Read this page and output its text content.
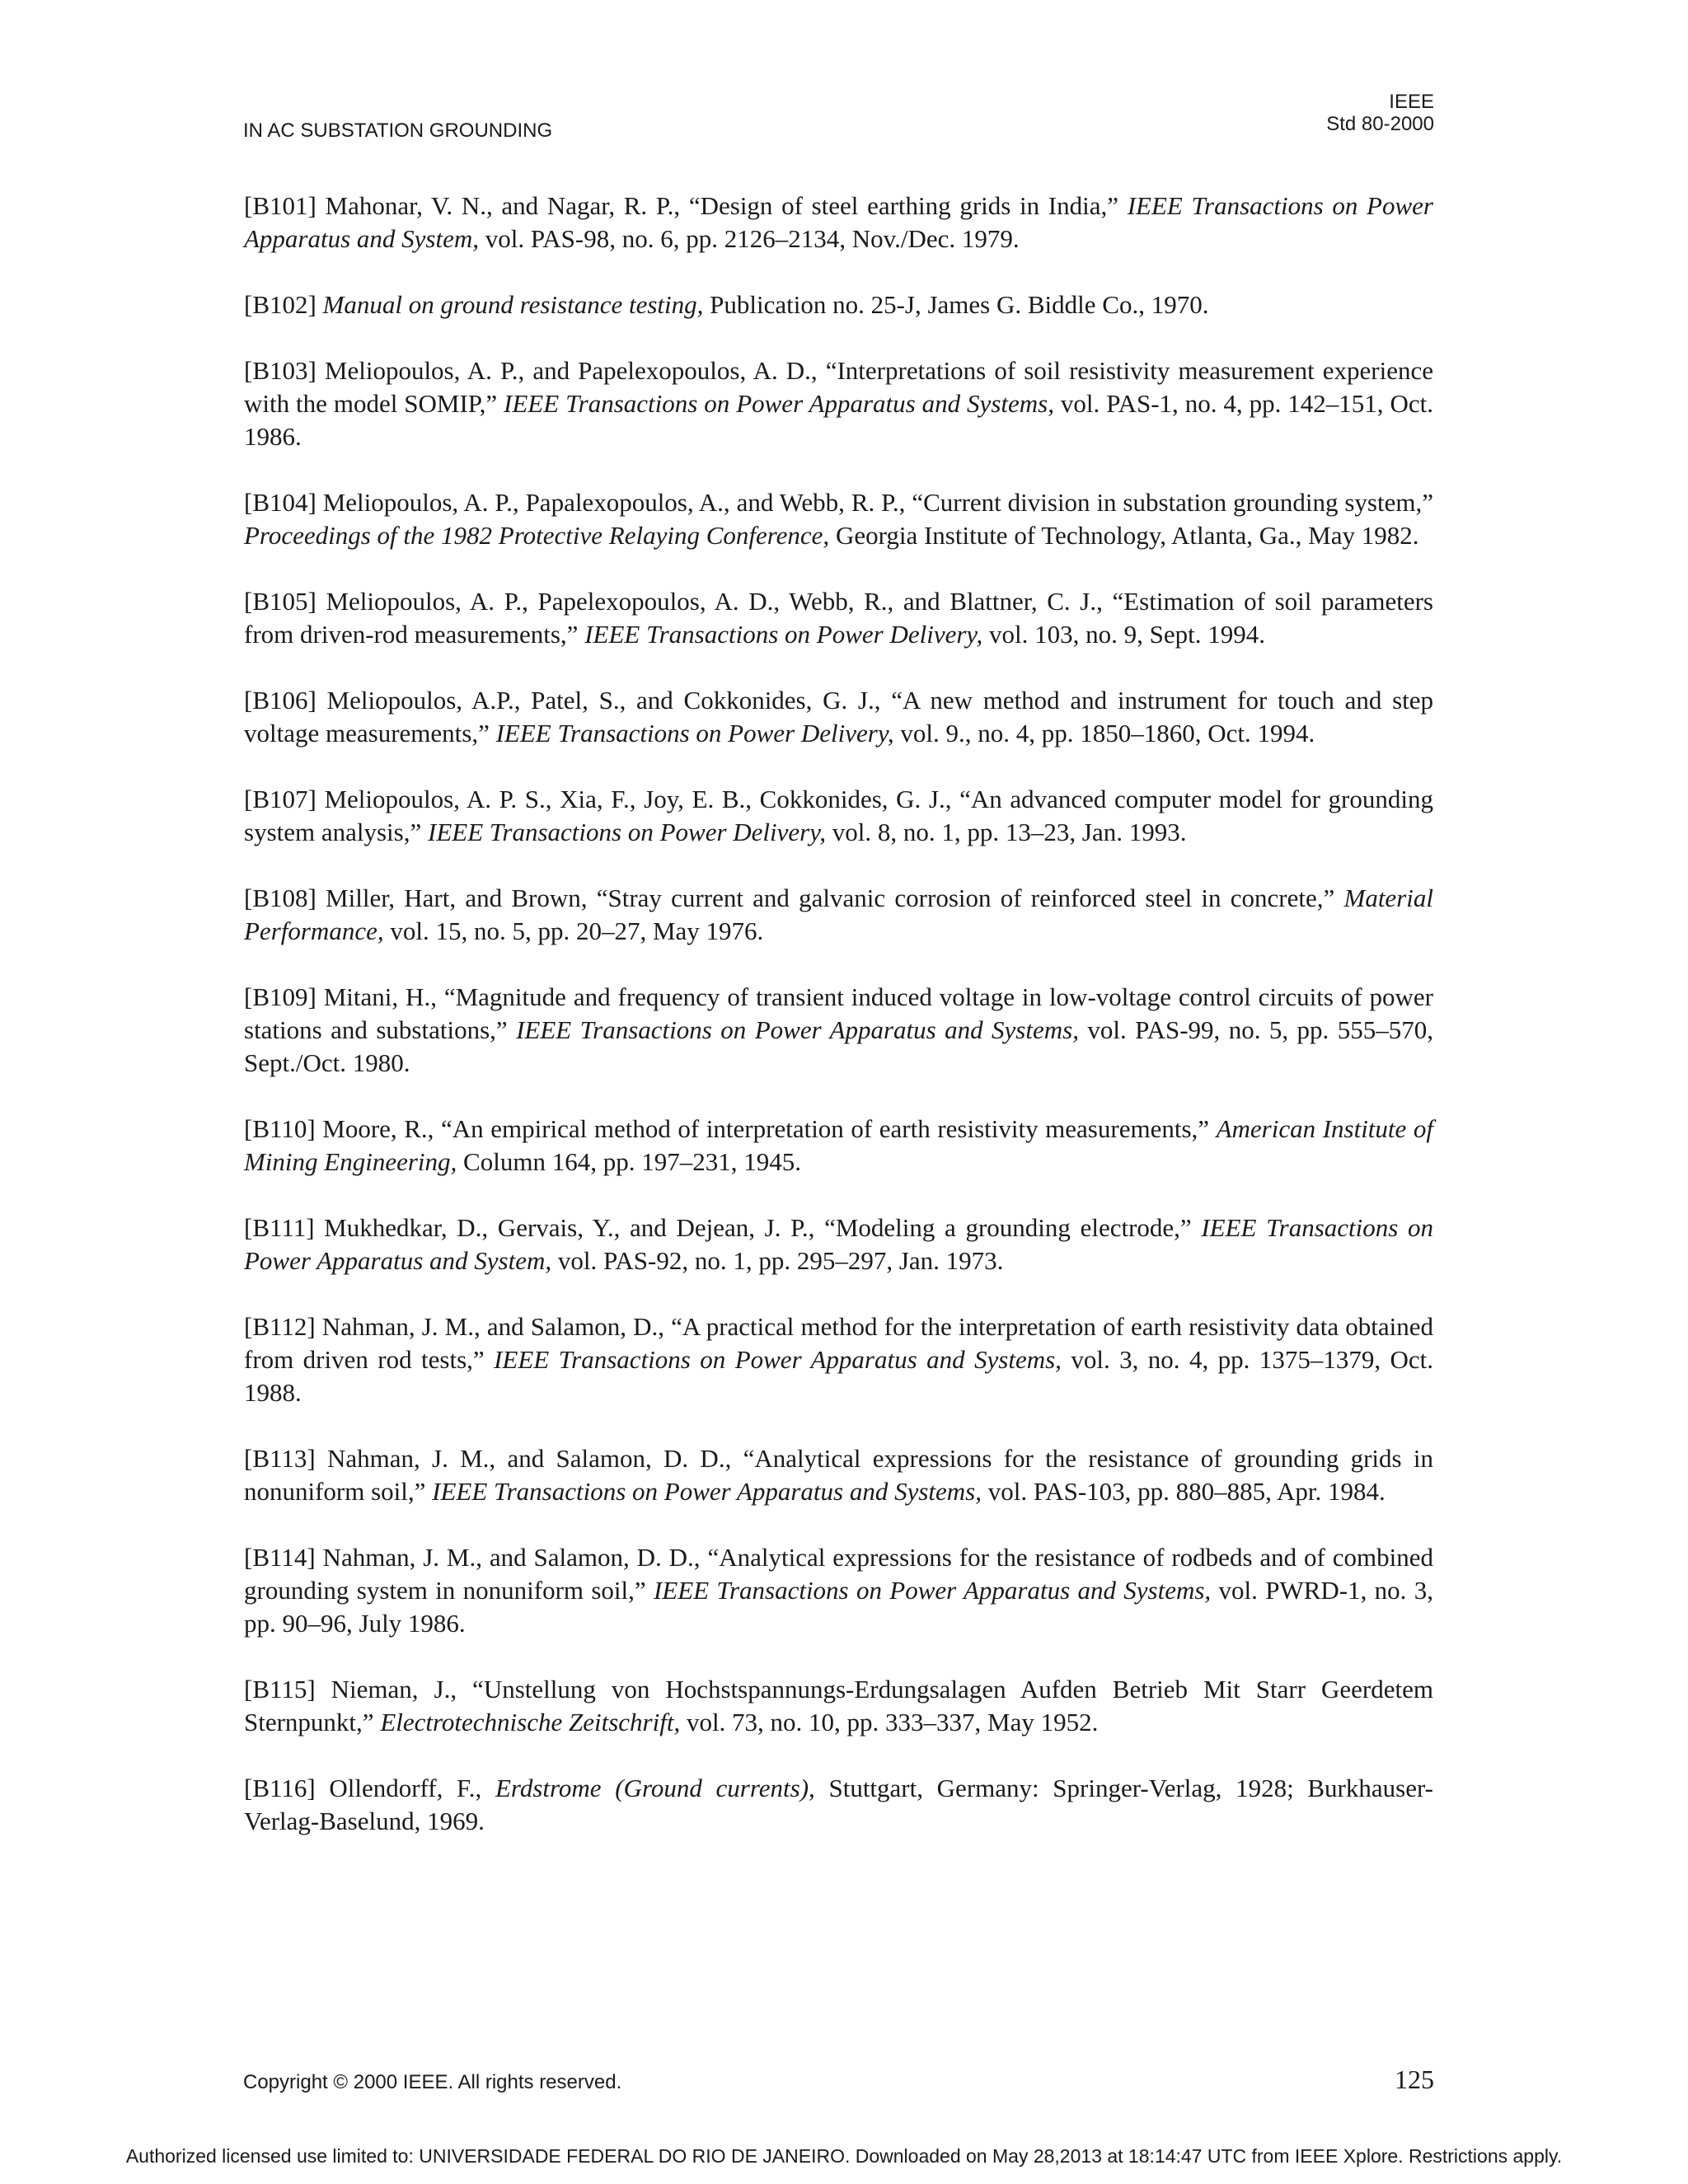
IN AC SUBSTATION GROUNDING
IEEE
Std 80-2000

[B101] Mahonar, V. N., and Nagar, R. P., “Design of steel earthing grids in India,” IEEE Transactions on Power Apparatus and System, vol. PAS-98, no. 6, pp. 2126–2134, Nov./Dec. 1979.

[B102] Manual on ground resistance testing, Publication no. 25-J, James G. Biddle Co., 1970.

[B103] Meliopoulos, A. P., and Papelexopoulos, A. D., “Interpretations of soil resistivity measurement experience with the model SOMIP,” IEEE Transactions on Power Apparatus and Systems, vol. PAS-1, no. 4, pp. 142–151, Oct. 1986.

[B104] Meliopoulos, A. P., Papalexopoulos, A., and Webb, R. P., “Current division in substation grounding system,” Proceedings of the 1982 Protective Relaying Conference, Georgia Institute of Technology, Atlanta, Ga., May 1982.

[B105] Meliopoulos, A. P., Papelexopoulos, A. D., Webb, R., and Blattner, C. J., “Estimation of soil parameters from driven-rod measurements,” IEEE Transactions on Power Delivery, vol. 103, no. 9, Sept. 1994.

[B106] Meliopoulos, A.P., Patel, S., and Cokkonides, G. J., “A new method and instrument for touch and step voltage measurements,” IEEE Transactions on Power Delivery, vol. 9., no. 4, pp. 1850–1860, Oct. 1994.

[B107] Meliopoulos, A. P. S., Xia, F., Joy, E. B., Cokkonides, G. J., “An advanced computer model for grounding system analysis,” IEEE Transactions on Power Delivery, vol. 8, no. 1, pp. 13–23, Jan. 1993.

[B108] Miller, Hart, and Brown, “Stray current and galvanic corrosion of reinforced steel in concrete,” Material Performance, vol. 15, no. 5, pp. 20–27, May 1976.

[B109] Mitani, H., “Magnitude and frequency of transient induced voltage in low-voltage control circuits of power stations and substations,” IEEE Transactions on Power Apparatus and Systems, vol. PAS-99, no. 5, pp. 555–570, Sept./Oct. 1980.

[B110] Moore, R., “An empirical method of interpretation of earth resistivity measurements,” American Institute of Mining Engineering, Column 164, pp. 197–231, 1945.

[B111] Mukhedkar, D., Gervais, Y., and Dejean, J. P., “Modeling a grounding electrode,” IEEE Transactions on Power Apparatus and System, vol. PAS-92, no. 1, pp. 295–297, Jan. 1973.

[B112] Nahman, J. M., and Salamon, D., “A practical method for the interpretation of earth resistivity data obtained from driven rod tests,” IEEE Transactions on Power Apparatus and Systems, vol. 3, no. 4, pp. 1375–1379, Oct. 1988.

[B113] Nahman, J. M., and Salamon, D. D., “Analytical expressions for the resistance of grounding grids in nonuniform soil,” IEEE Transactions on Power Apparatus and Systems, vol. PAS-103, pp. 880–885, Apr. 1984.

[B114] Nahman, J. M., and Salamon, D. D., “Analytical expressions for the resistance of rodbeds and of combined grounding system in nonuniform soil,” IEEE Transactions on Power Apparatus and Systems, vol. PWRD-1, no. 3, pp. 90–96, July 1986.

[B115] Nieman, J., “Unstellung von Hochstspannungs-Erdungsalagen Aufden Betrieb Mit Starr Geerdetem Sternpunkt,” Electrotechnische Zeitschrift, vol. 73, no. 10, pp. 333–337, May 1952.

[B116] Ollendorff, F., Erdstrome (Ground currents), Stuttgart, Germany: Springer-Verlag, 1928; Burkhauser-Verlag-Baselund, 1969.

Copyright © 2000 IEEE. All rights reserved.	125
Authorized licensed use limited to: UNIVERSIDADE FEDERAL DO RIO DE JANEIRO. Downloaded on May 28,2013 at 18:14:47 UTC from IEEE Xplore. Restrictions apply.
